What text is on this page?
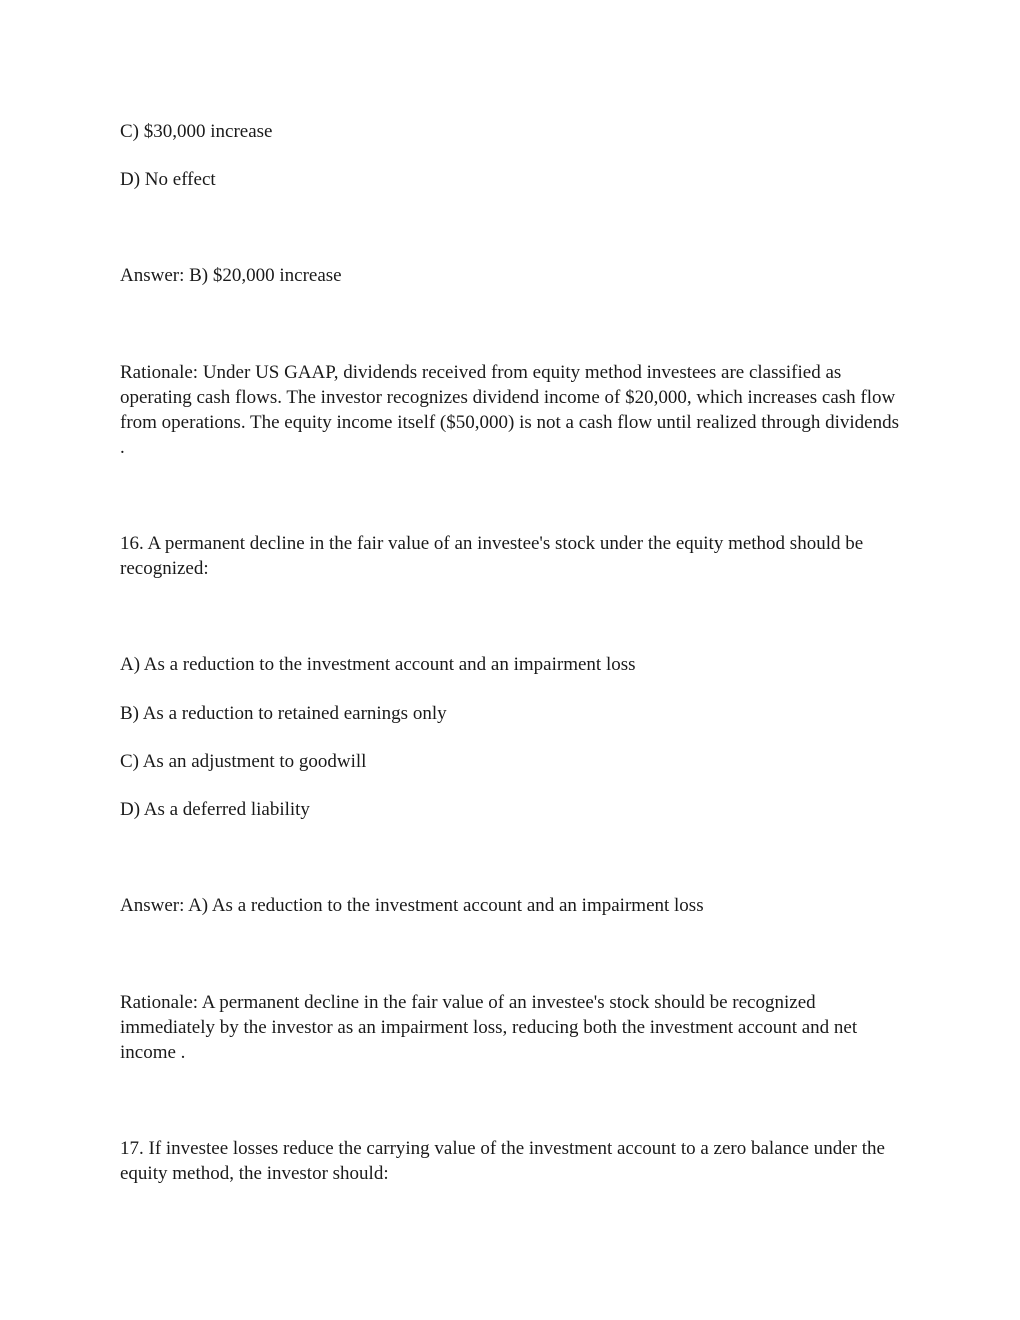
C) $30,000 increase

D) No effect

Answer: B) $20,000 increase

Rationale: Under US GAAP, dividends received from equity method investees are classified as operating cash flows. The investor recognizes dividend income of $20,000, which increases cash flow from operations. The equity income itself ($50,000) is not a cash flow until realized through dividends .

16. A permanent decline in the fair value of an investee's stock under the equity method should be recognized:

A) As a reduction to the investment account and an impairment loss

B) As a reduction to retained earnings only

C) As an adjustment to goodwill

D) As a deferred liability

Answer: A) As a reduction to the investment account and an impairment loss

Rationale: A permanent decline in the fair value of an investee's stock should be recognized immediately by the investor as an impairment loss, reducing both the investment account and net income .

17. If investee losses reduce the carrying value of the investment account to a zero balance under the equity method, the investor should:
